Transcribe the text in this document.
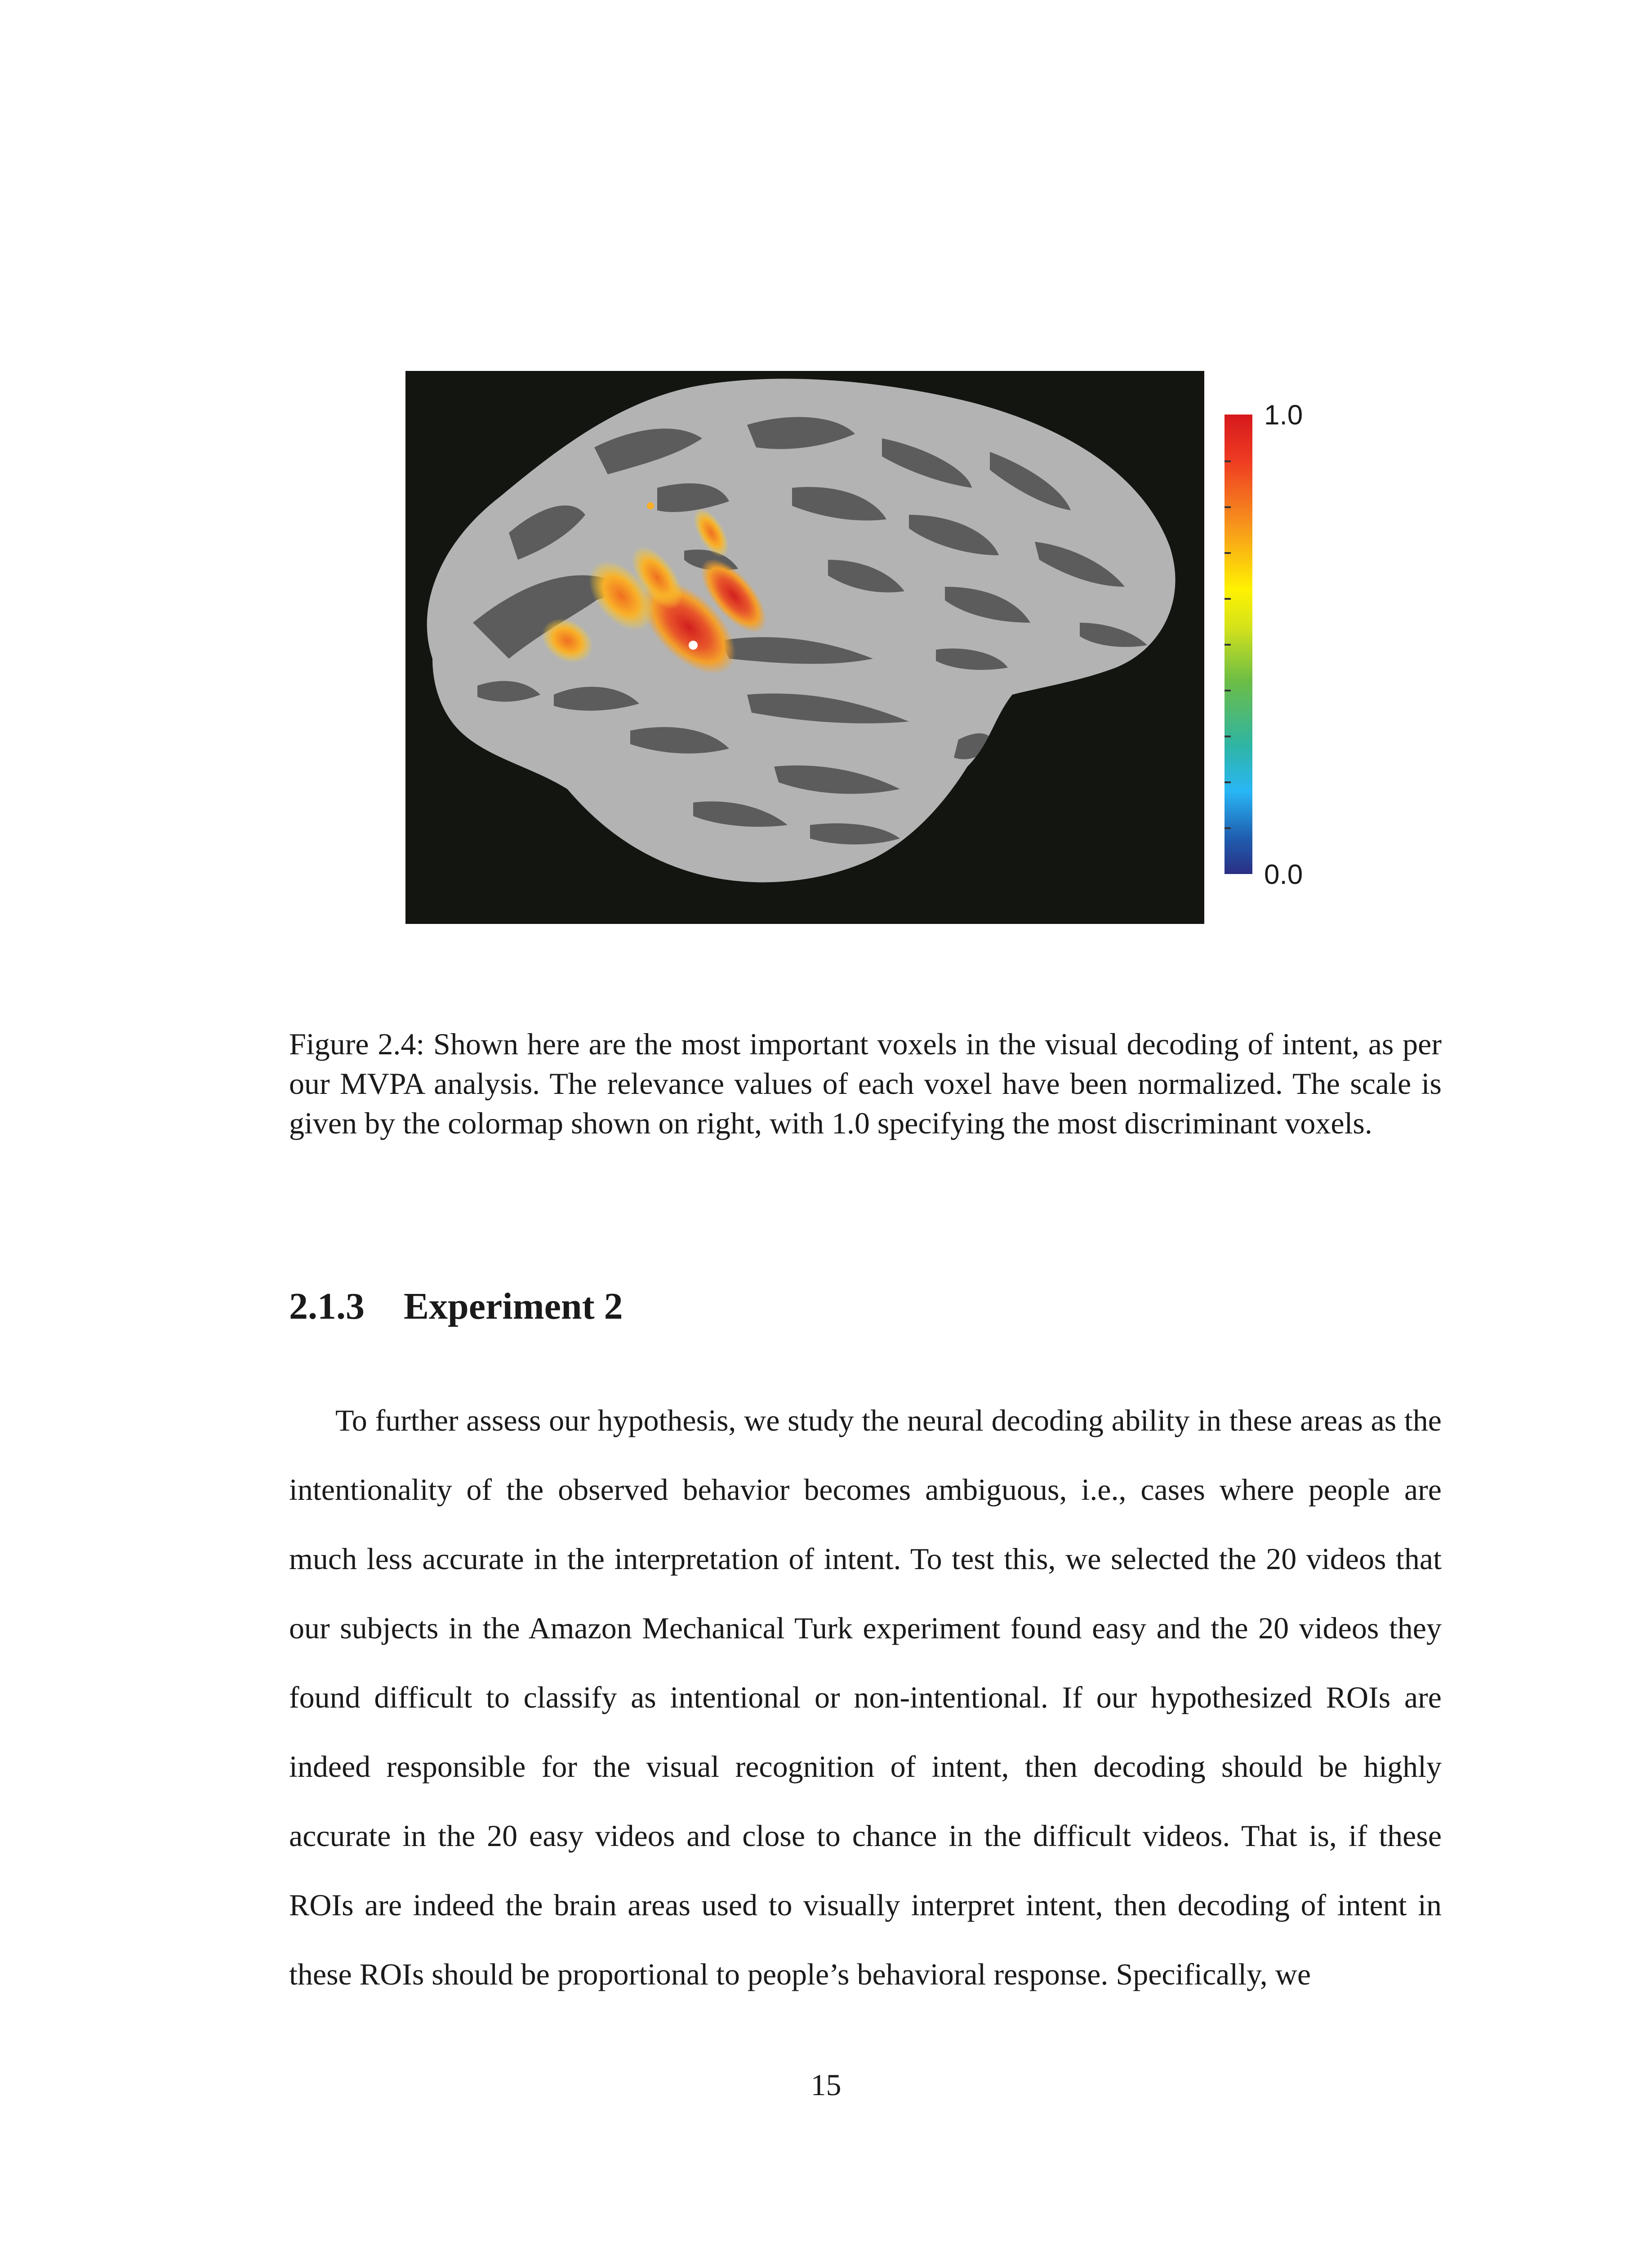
1.0
0.0

Figure 2.4: Shown here are the most important voxels in the visual decoding of intent, as per our MVPA analysis. The relevance values of each voxel have been normalized. The scale is given by the colormap shown on right, with 1.0 specifying the most discriminant voxels.

2.1.3 Experiment 2

To further assess our hypothesis, we study the neural decoding ability in these areas as the intentionality of the observed behavior becomes ambiguous, i.e., cases where people are much less accurate in the interpretation of intent. To test this, we selected the 20 videos that our subjects in the Amazon Mechanical Turk experiment found easy and the 20 videos they found difficult to classify as intentional or non-intentional. If our hypothesized ROIs are indeed responsible for the visual recognition of intent, then decoding should be highly accurate in the 20 easy videos and close to chance in the difficult videos. That is, if these ROIs are indeed the brain areas used to visually interpret intent, then decoding of intent in these ROIs should be proportional to people’s behavioral response. Specifically, we

15
